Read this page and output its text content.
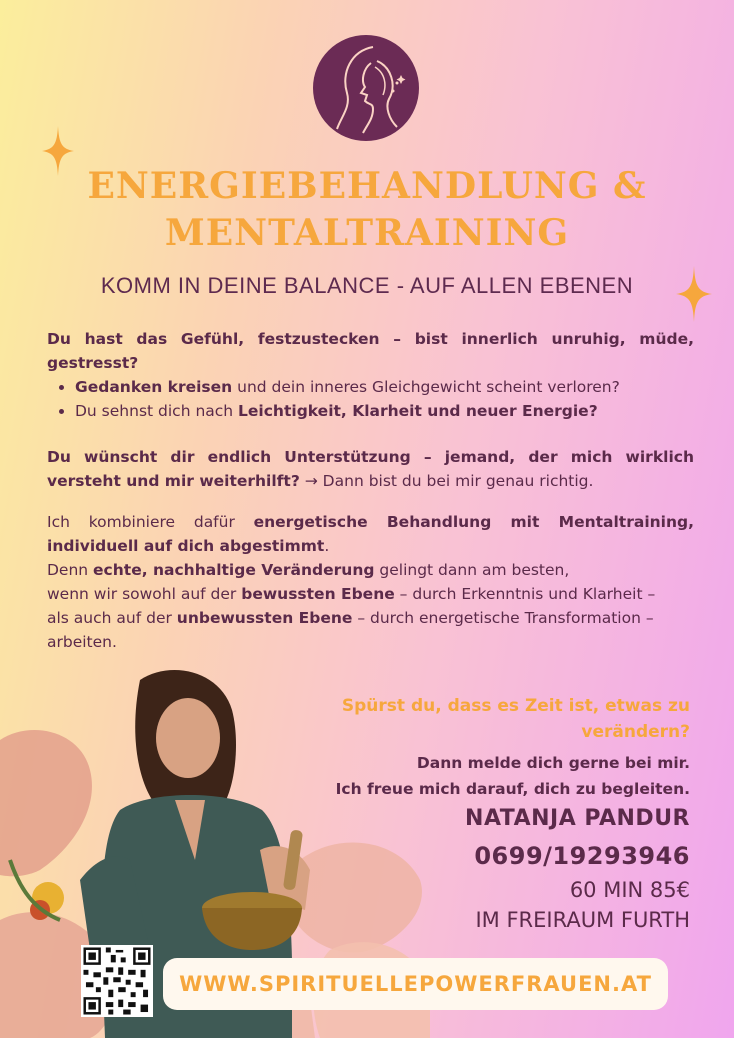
ENERGIEBEHANDLUNG &
MENTALTRAINING
KOMM IN DEINE BALANCE - AUF ALLEN EBENEN
Du hast das Gefühl, festzustecken – bist innerlich unruhig, müde, gestresst?
• Gedanken kreisen und dein inneres Gleichgewicht scheint verloren?
• Du sehnst dich nach Leichtigkeit, Klarheit und neuer Energie?
Du wünscht dir endlich Unterstützung – jemand, der mich wirklich versteht und mir weiterhilft? → Dann bist du bei mir genau richtig.
Ich kombiniere dafür energetische Behandlung mit Mentaltraining, individuell auf dich abgestimmt.
Denn echte, nachhaltige Veränderung gelingt dann am besten,
wenn wir sowohl auf der bewussten Ebene – durch Erkenntnis und Klarheit –
als auch auf der unbewussten Ebene – durch energetische Transformation – arbeiten.
Spürst du, dass es Zeit ist, etwas zu
verändern?
Dann melde dich gerne bei mir.
Ich freue mich darauf, dich zu begleiten.
NATANJA PANDUR
0699/19293946
60 MIN 85€
IM FREIRAUM FURTH
WWW.SPIRITUELLEPOWERFRAUEN.AT
